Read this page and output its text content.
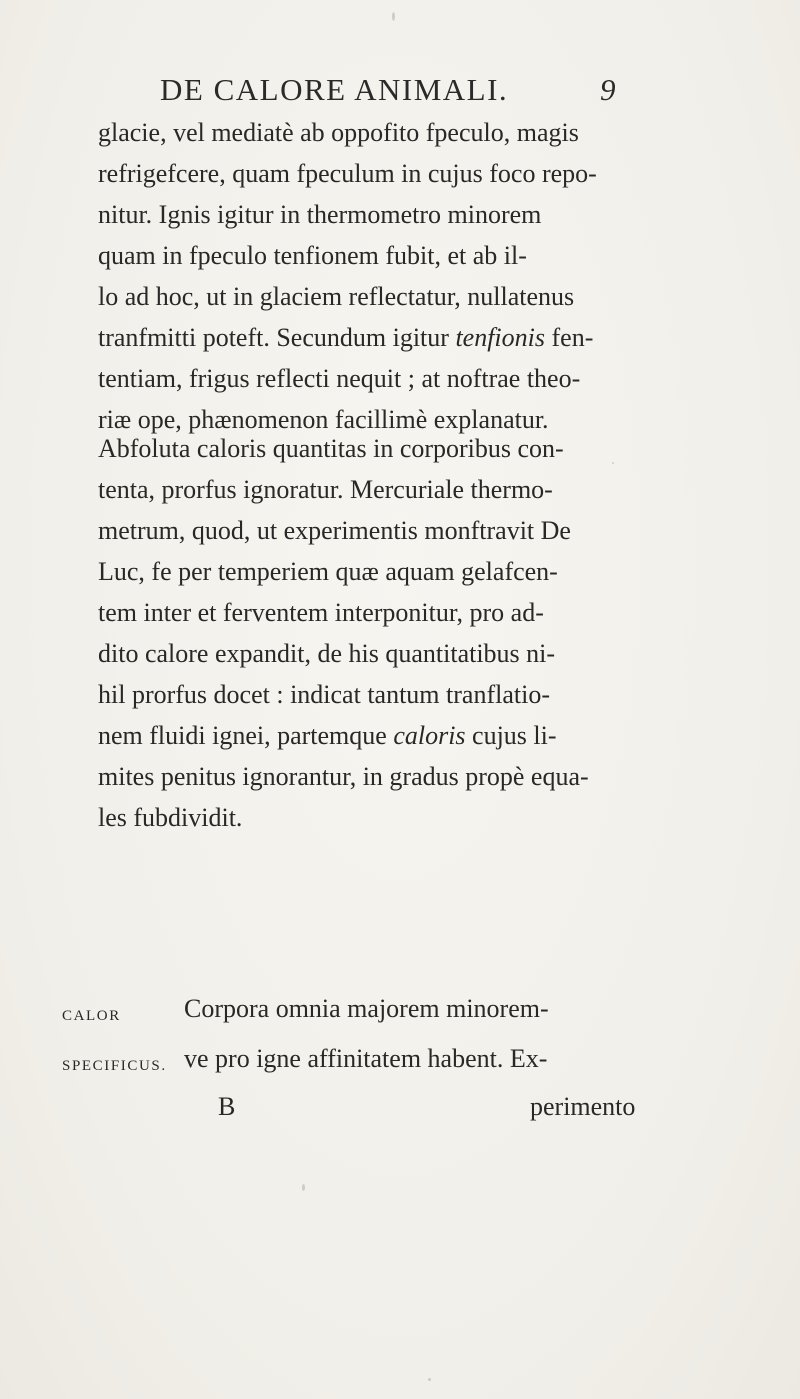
DE CALORE ANIMALI.	9
glacie, vel mediatè ab oppofito fpeculo, magis
refrigefcere, quam fpeculum in cujus foco repo-
nitur. Ignis igitur in thermometro minorem
quam in fpeculo tenfionem fubit, et ab il-
lo ad hoc, ut in glaciem reflectatur, nullatenus
tranfmitti poteft. Secundum igitur tenfionis fen-
tentiam, frigus reflecti nequit ; at noftrae theo-
riæ ope, phænomenon facillimè explanatur.
Abfoluta caloris quantitas in corporibus con-
tenta, prorfus ignoratur. Mercuriale thermo-
metrum, quod, ut experimentis monftravit De
Luc, fe per temperiem quæ aquam gelafcen-
tem inter et ferventem interponitur, pro ad-
dito calore expandit, de his quantitatibus ni-
hil prorfus docet : indicat tantum tranflatio-
nem fluidi ignei, partemque caloris cujus li-
mites penitus ignorantur, in gradus propè equa-
les fubdividit.
CALOR
SPECIFICUS.
Corpora omnia majorem minorem-
ve pro igne affinitatem habent. Ex-
B	perimento
